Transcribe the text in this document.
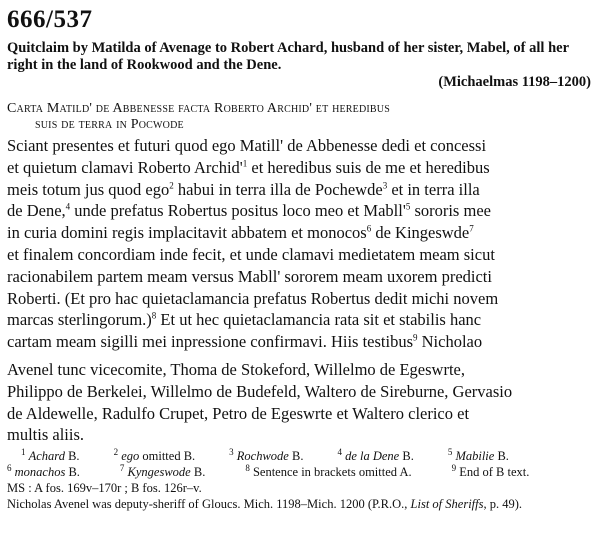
666/537

Quitclaim by Matilda of Avenage to Robert Achard, husband of her sister, Mabel, of all her right in the land of Rookwood and the Dene.
(Michaelmas 1198–1200)

Carta Matild' de Abbenesse facta Roberto Archid' et heredibus
suis de terra in Pocwode
Sciant presentes et futuri quod ego Matill' de Abbenesse dedi et concessi
et quietum clamavi Roberto $Archid'^1$ et heredibus suis de me et heredibus
meis totum jus quod ego$^2$ habui in terra illa de Pochewde$^3$ et in terra illa
de Dene,$^4$ unde prefatus Robertus positus loco meo et $Mabll'^5$ sororis mee
in curia domini regis implacitavit abbatem et monocos$^6$ de Kingeswde$^7$
et finalem concordiam inde fecit, et unde clamavi medietatem meam sicut
racionabilem partem meam versus Mabll' sororem meam uxorem predicti
Roberti. (Et pro hac quietaclamancia prefatus Robertus dedit michi novem
marcas sterlingorum.)$^8$ Et ut hec quietaclamancia rata sit et stabilis hanc
cartam meam sigilli mei inpressione confirmavi. Hiis testibus$^9$ Nicholao
Avenel tunc vicecomite, Thoma de Stokeford, Willelmo de Egeswrte,
Philippo de Berkelei, Willelmo de Budefeld, Waltero de Sireburne, Gervasio
de Aldewelle, Radulfo Crupet, Petro de Egeswrte et Waltero clerico et
multis aliis.
$^1$ Achard B.	$^2$ ego omitted B.	$^3$ Rochwode B.	$^4$ de la Dene B.	$^5$ Mabilie B.
$^6$ monachos B.	$^7$ Kyngeswode B.	$^8$ Sentence in brackets omitted A.	$^9$ End of B text.
MS : A fos. 169v–170r ; B fos. 126r–v.
Nicholas Avenel was deputy-sheriff of Gloucs. Mich. 1198–Mich. 1200 (P.R.O., List of Sheriffs, p. 49).
